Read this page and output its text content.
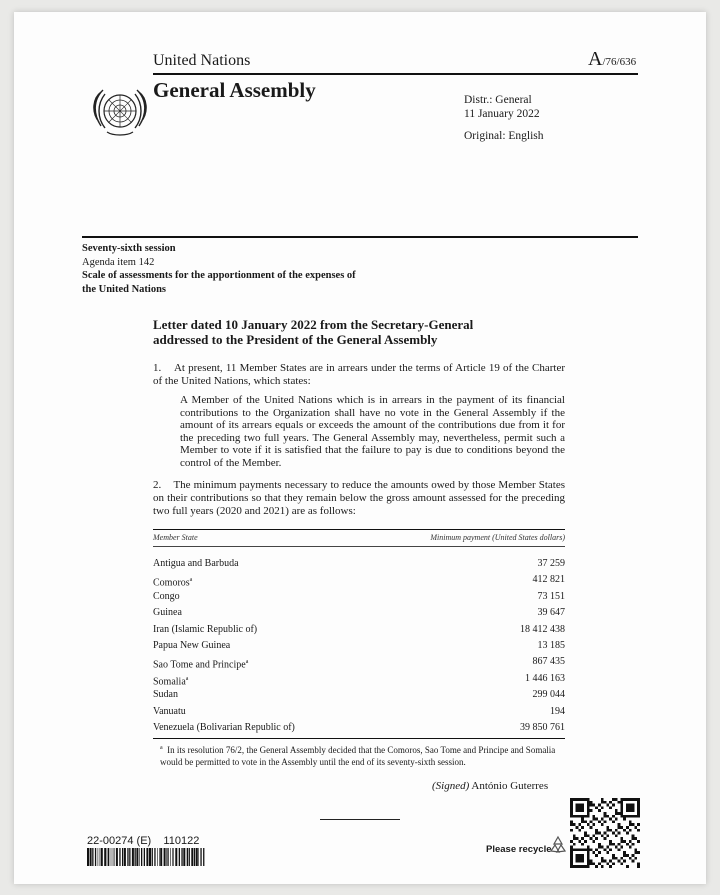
United Nations	A/76/636
General Assembly	Distr.: General
11 January 2022
Original: English
Seventy-sixth session
Agenda item 142
Scale of assessments for the apportionment of the expenses of
the United Nations
Letter dated 10 January 2022 from the Secretary-General
addressed to the President of the General Assembly
1. At present, 11 Member States are in arrears under the terms of Article 19 of the Charter of the United Nations, which states:
A Member of the United Nations which is in arrears in the payment of its financial contributions to the Organization shall have no vote in the General Assembly if the amount of its arrears equals or exceeds the amount of the contributions due from it for the preceding two full years. The General Assembly may, nevertheless, permit such a Member to vote if it is satisfied that the failure to pay is due to conditions beyond the control of the Member.
2. The minimum payments necessary to reduce the amounts owed by those Member States on their contributions so that they remain below the gross amount assessed for the preceding two full years (2020 and 2021) are as follows:
Member State	Minimum payment (United States dollars)
Antigua and Barbuda	37 259
Comoros$^a$	412 821
Congo	73 151
Guinea	39 647
Iran (Islamic Republic of)	18 412 438
Papua New Guinea	13 185
Sao Tome and Principe$^a$	867 435
Somalia$^a$	1 446 163
Sudan	299 044
Vanuatu	194
Venezuela (Bolivarian Republic of)	39 850 761
$^a$ In its resolution 76/2, the General Assembly decided that the Comoros, Sao Tome and Principe and Somalia would be permitted to vote in the Assembly until the end of its seventy-sixth session.
(Signed) António Guterres
22-00274 (E)    110122
Please recycle
